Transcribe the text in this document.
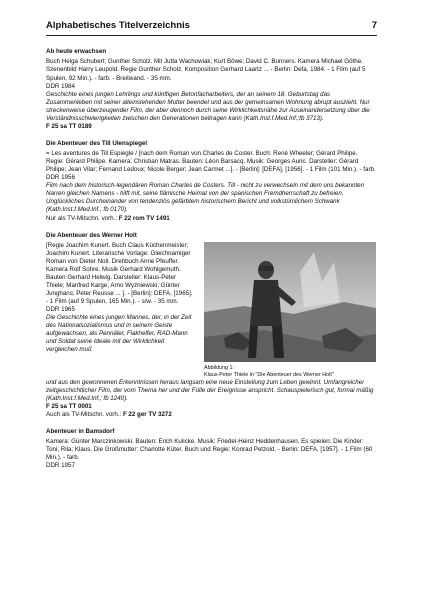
Alphabetisches Titelverzeichnis	7
Ab heute erwachsen

Buch Helga Schubert; Gunther Scholz. Mit Jutta Wachowiak; Kurt Böwe; David C. Bunners. Kamera Michael Göthe. Szenenbild Harry Leupold. Regie Gunther Scholz. Komposition Gerhard Laartz ... - Berlin: Defa, 1984. - 1 Film (auf 5 Spulen, 92 Min.). - farb. - Breitwand. - 35 mm.

DDR 1984

Geschichte eines jungen Lehrlings und künftigen Betonfacharbeiters, der an seinem 18. Geburtstag das Zusammenleben mit seiner alleinstehenden Mutter beendet und aus der gemeinsamen Wohnung abrupt auszieht. Nur streckenweise überzeugender Film, der aber dennoch durch seine Wirklichkeitsnähe zur Auseinandersetzung über die Verständnisschwierigkeiten zwischen den Generationen beitragen kann (Kath.Inst.f.Med.Inf.;fb 3713).

F 25 sa TT 0189

Die Abenteuer des Till Ulenspiegel

= Les aventures de Till Espiegle / [nach dem Roman von Charles de Coster. Buch: René Wheeler; Gérard Philipe. Regie: Gérard Philipe. Kamera: Christian Matras. Bauten: Léon Barsacq. Musik: Georges Auric. Darsteller: Gérard Philipe; Jean Vilar; Fernand Ledoux; Nicole Berger; Jean Carmet ...]. - [Berlin]: [DEFA], [1956]. - 1 Film (101 Min.). - farb.

DDR 1956

Film nach dem historisch-legendären Roman Charles de Costers. Till - nicht zu verwechseln mit dem uns bekannten Narren gleichen Namens - hilft mit, seine flämische Heimat von der spanischen Fremdherrschaft zu befreien. Unglückliches Durcheinander von tendenziös gefärbtem historischem Bericht und volkstümlichem Schwank (Kath.Inst.f.Med.Inf.; fb 0170).

Nur als TV-Mitschn. vorh.: F 22 rom TV 1491

Die Abenteuer des Werner Holt

[Regie Joachim Kunert. Buch Claus Küchenmeister; Joachim Kunert. Literarische Vorlage: Gleichnamiger Roman von Dieter Noll. Drehbuch Anne Pfeuffer. Kamera Rolf Sohre. Musik Gerhard Wohlgemuth. Bauten Gerhard Helwig. Darsteller: Klaus-Peter Thiele; Manfred Karge; Arno Wyzniewski; Günter Junghans; Peter Reusse ... ]. - [Berlin]: DEFA, [1965]. - 1 Film (auf 9 Spulen, 165 Min.). - s/w. - 35 mm.

DDR 1965

Die Geschichte eines jungen Mannes, der, in der Zeit des Nationalsozialismus und in seinem Geiste aufgewachsen, als Pennäler, Flakhelfer, RAD-Mann und Soldat seine Ideale mit der Wirklichkeit vergleichen muß

Abbildung 1:
Klaus-Peter Thiele in "Die Abenteuer des Werner Holt"

und aus den gewonnenen Erkenntnissen heraus langsam eine neue Einstellung zum Leben gewinnt. Umfangreicher zeitgeschichtlicher Film, der vom Thema her und der Fülle der Ereignisse anspricht. Schauspielerisch gut, formal mäßig (Kath.Inst.f.Med.Inf.; fb 1240).

F 25 sa TT 0001

Auch als TV-Mitschn. vorh.: F 22 ger TV 3272

Abenteuer in Bamsdorf

Kamera: Günter Marczinkowski. Bauten: Erich Kulicke. Musik: Friedel-Heinz Heddenhausen. Es spielen: Die Kinder: Toni; Rila; Klaus. Die Großmutter: Charlotte Küter. Buch und Regie: Konrad Petzold. - Berlin: DEFA, [1957]. - 1 Film (60 Min.). - farb.

DDR 1957
